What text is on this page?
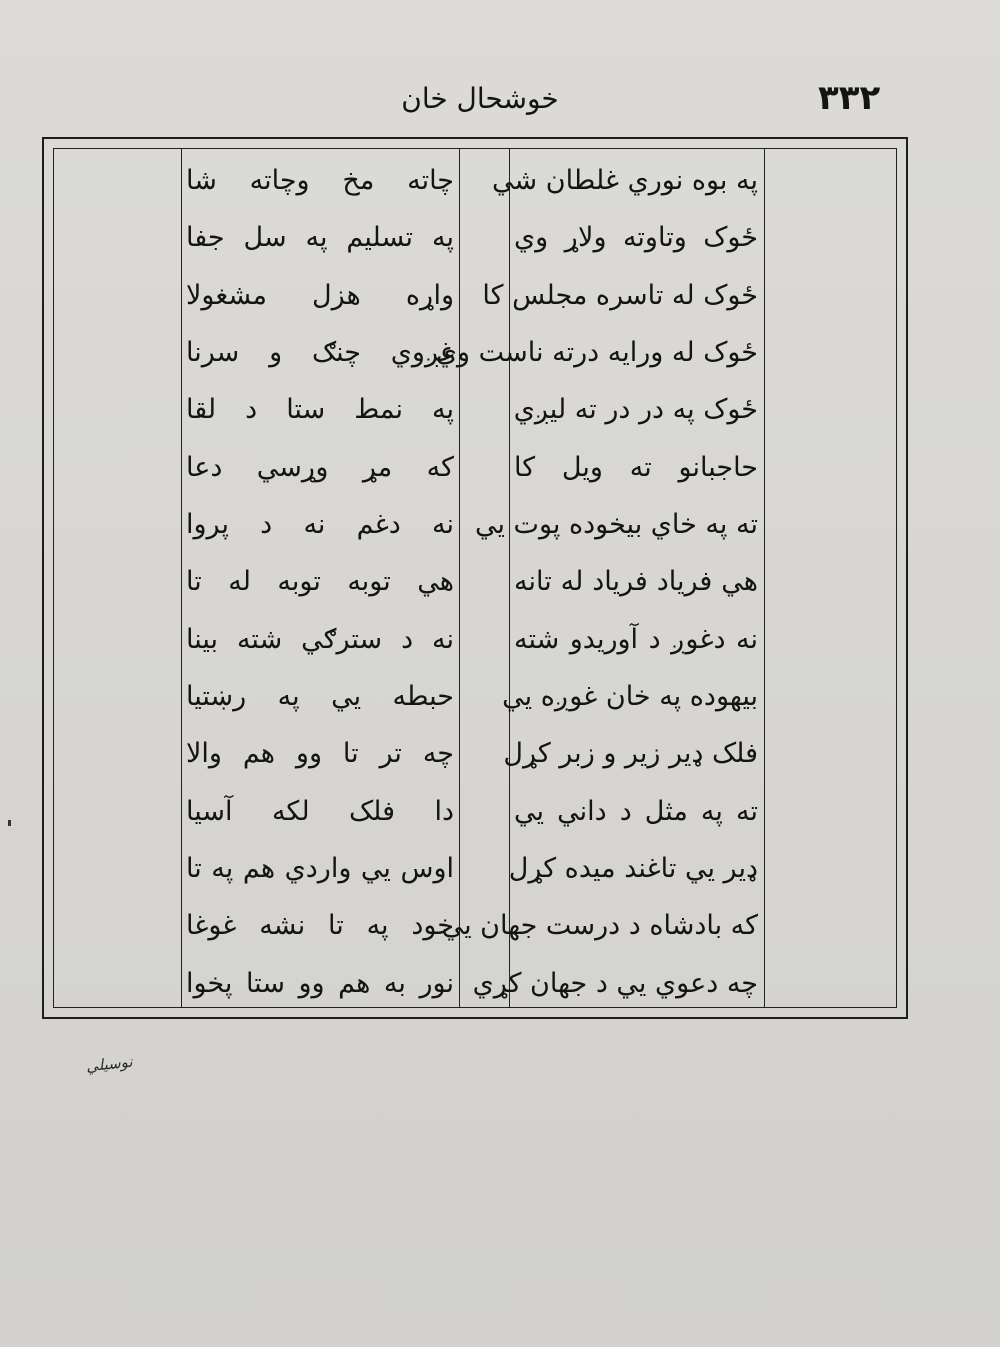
۳۳۲
خوشحال خان
په بوه نوري غلطان شي
چاته مخ وچاته شا
ځوک وتاوته ولاړ وي
په تسليم په سل جفا
ځوک له تاسره مجلس کا
واړه هزل مشغولا
ځوک له ورايه درته ناست وي
غږوي چنګ و سرنا
ځوک په در در ته ليږي
په نمط ستا د لقا
حاجبانو ته ويل کا
که مړ وړسي دعا
ته په خاي بيخوده پوت يي
نه دغم نه د پروا
هي فرياد فرياد له تانه
هي توبه توبه له تا
نه دغوږ د آوريدو شته
نه د سترګي شته بينا
بيهوده په خان غوږه يي
حبطه يي په رښتيا
فلک ډير زير و زبر کړل
چه تر تا وو هم والا
ته په مثل د داني يي
دا فلک لکه آسيا
ډير يي تاغند ميده کړل
اوس يي واردي هم په تا
که بادشاه د درست جهان يي
خود په تا نشه غوغا
چه دعوي يي د جهان کړي
نور به هم وو ستا پخوا
نوسيلي
